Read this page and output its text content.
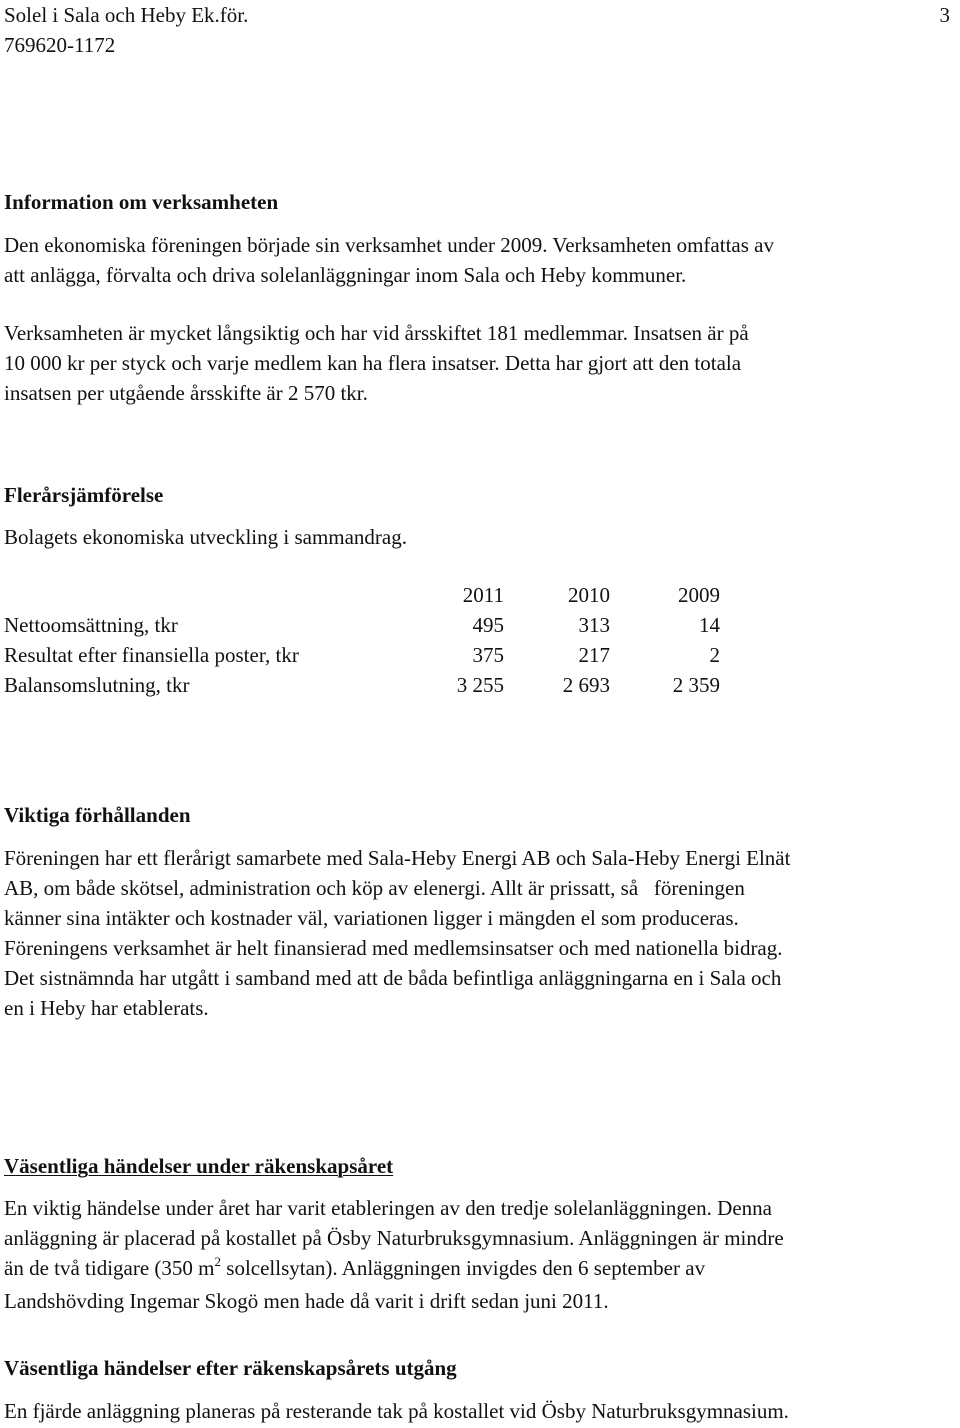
Solel i Sala och Heby Ek.för.
769620-1172
3
Information om verksamheten
Den ekonomiska föreningen började sin verksamhet under 2009. Verksamheten omfattas av
att anlägga, förvalta och driva solelanläggningar inom Sala och Heby kommuner.
Verksamheten är mycket långsiktig och har vid årsskiftet 181 medlemmar. Insatsen är på
10 000 kr per styck och varje medlem kan ha flera insatser. Detta har gjort att den totala
insatsen per utgående årsskifte är 2 570 tkr.
Flerårsjämförelse
Bolagets ekonomiska utveckling i sammandrag.
	2011	2010	2009
Nettoomsättning, tkr	495	313	14
Resultat efter finansiella poster, tkr	375	217	2
Balansomslutning, tkr	3 255	2 693	2 359
Viktiga förhållanden
Föreningen har ett flerårigt samarbete med Sala-Heby Energi AB och Sala-Heby Energi Elnät
AB, om både skötsel, administration och köp av elenergi. Allt är prissatt, så   föreningen
känner sina intäkter och kostnader väl, variationen ligger i mängden el som produceras.
Föreningens verksamhet är helt finansierad med medlemsinsatser och med nationella bidrag.
Det sistnämnda har utgått i samband med att de båda befintliga anläggningarna en i Sala och
en i Heby har etablerats.
Väsentliga händelser under räkenskapsåret
En viktig händelse under året har varit etableringen av den tredje solelanläggningen. Denna
anläggning är placerad på kostallet på Ösby Naturbruksgymnasium. Anläggningen är mindre
än de två tidigare (350 $m^2$ solcellsytan). Anläggningen invigdes den 6 september av
Landshövding Ingemar Skogö men hade då varit i drift sedan juni 2011.
Väsentliga händelser efter räkenskapsårets utgång
En fjärde anläggning planeras på resterande tak på kostallet vid Ösby Naturbruksgymnasium.
